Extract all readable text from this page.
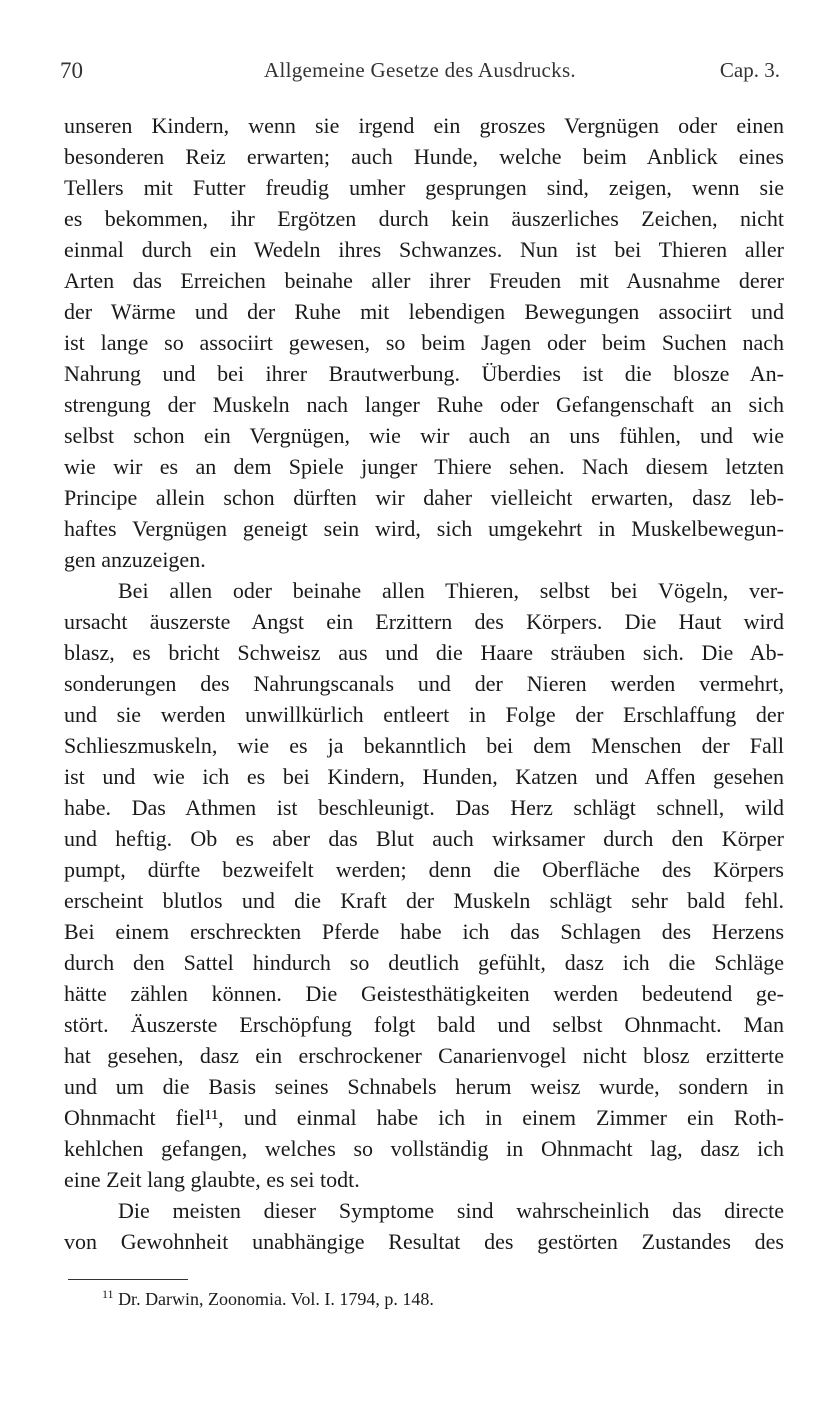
70	Allgemeine Gesetze des Ausdrucks.	Cap. 3.
unseren Kindern, wenn sie irgend ein groszes Vergnügen oder einen
besonderen Reiz erwarten; auch Hunde, welche beim Anblick eines
Tellers mit Futter freudig umher gesprungen sind, zeigen, wenn sie
es bekommen, ihr Ergötzen durch kein äuszerliches Zeichen, nicht
einmal durch ein Wedeln ihres Schwanzes. Nun ist bei Thieren aller
Arten das Erreichen beinahe aller ihrer Freuden mit Ausnahme derer
der Wärme und der Ruhe mit lebendigen Bewegungen associirt und
ist lange so associirt gewesen, so beim Jagen oder beim Suchen nach
Nahrung und bei ihrer Brautwerbung. Überdies ist die blosze An-
strengung der Muskeln nach langer Ruhe oder Gefangenschaft an sich
selbst schon ein Vergnügen, wie wir auch an uns fühlen, und wie
wie wir es an dem Spiele junger Thiere sehen. Nach diesem letzten
Principe allein schon dürften wir daher vielleicht erwarten, dasz leb-
haftes Vergnügen geneigt sein wird, sich umgekehrt in Muskelbewegun-
gen anzuzeigen.
Bei allen oder beinahe allen Thieren, selbst bei Vögeln, ver-
ursacht äuszerste Angst ein Erzittern des Körpers. Die Haut wird
blasz, es bricht Schweisz aus und die Haare sträuben sich. Die Ab-
sonderungen des Nahrungscanals und der Nieren werden vermehrt,
und sie werden unwillkürlich entleert in Folge der Erschlaffung der
Schlieszmuskeln, wie es ja bekanntlich bei dem Menschen der Fall
ist und wie ich es bei Kindern, Hunden, Katzen und Affen gesehen
habe. Das Athmen ist beschleunigt. Das Herz schlägt schnell, wild
und heftig. Ob es aber das Blut auch wirksamer durch den Körper
pumpt, dürfte bezweifelt werden; denn die Oberfläche des Körpers
erscheint blutlos und die Kraft der Muskeln schlägt sehr bald fehl.
Bei einem erschreckten Pferde habe ich das Schlagen des Herzens
durch den Sattel hindurch so deutlich gefühlt, dasz ich die Schläge
hätte zählen können. Die Geistesthätigkeiten werden bedeutend ge-
stört. Äuszerste Erschöpfung folgt bald und selbst Ohnmacht. Man
hat gesehen, dasz ein erschrockener Canarienvogel nicht blosz erzitterte
und um die Basis seines Schnabels herum weisz wurde, sondern in
Ohnmacht fiel¹¹, und einmal habe ich in einem Zimmer ein Roth-
kehlchen gefangen, welches so vollständig in Ohnmacht lag, dasz ich
eine Zeit lang glaubte, es sei todt.
Die meisten dieser Symptome sind wahrscheinlich das directe
von Gewohnheit unabhängige Resultat des gestörten Zustandes des
$^{11}$ Dr. Darwin, Zoonomia. Vol. I. 1794, p. 148.
